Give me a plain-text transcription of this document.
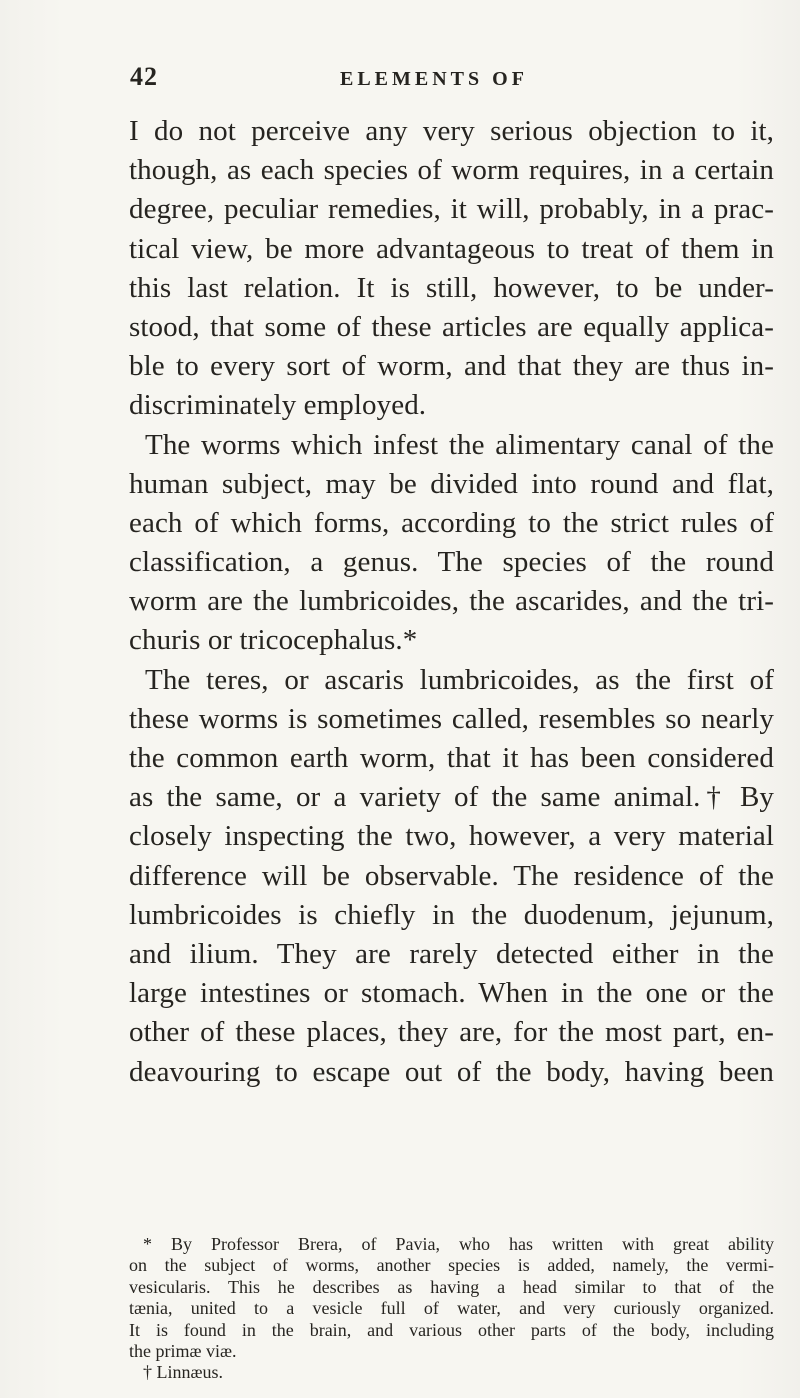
42	ELEMENTS OF
I do not perceive any very serious objection to it,
though, as each species of worm requires, in a certain
degree, peculiar remedies, it will, probably, in a prac-
tical view, be more advantageous to treat of them in
this last relation. It is still, however, to be under-
stood, that some of these articles are equally applica-
ble to every sort of worm, and that they are thus in-
discriminately employed.
The worms which infest the alimentary canal of the
human subject, may be divided into round and flat,
each of which forms, according to the strict rules of
classification, a genus. The species of the round
worm are the lumbricoides, the ascarides, and the tri-
churis or tricocephalus.*
The teres, or ascaris lumbricoides, as the first of
these worms is sometimes called, resembles so nearly
the common earth worm, that it has been considered
as the same, or a variety of the same animal.† By
closely inspecting the two, however, a very material
difference will be observable. The residence of the
lumbricoides is chiefly in the duodenum, jejunum,
and ilium. They are rarely detected either in the
large intestines or stomach. When in the one or the
other of these places, they are, for the most part, en-
deavouring to escape out of the body, having been
* By Professor Brera, of Pavia, who has written with great ability
on the subject of worms, another species is added, namely, the vermi-
vesicularis. This he describes as having a head similar to that of the
tænia, united to a vesicle full of water, and very curiously organized.
It is found in the brain, and various other parts of the body, including
the primæ viæ.
† Linnæus.
